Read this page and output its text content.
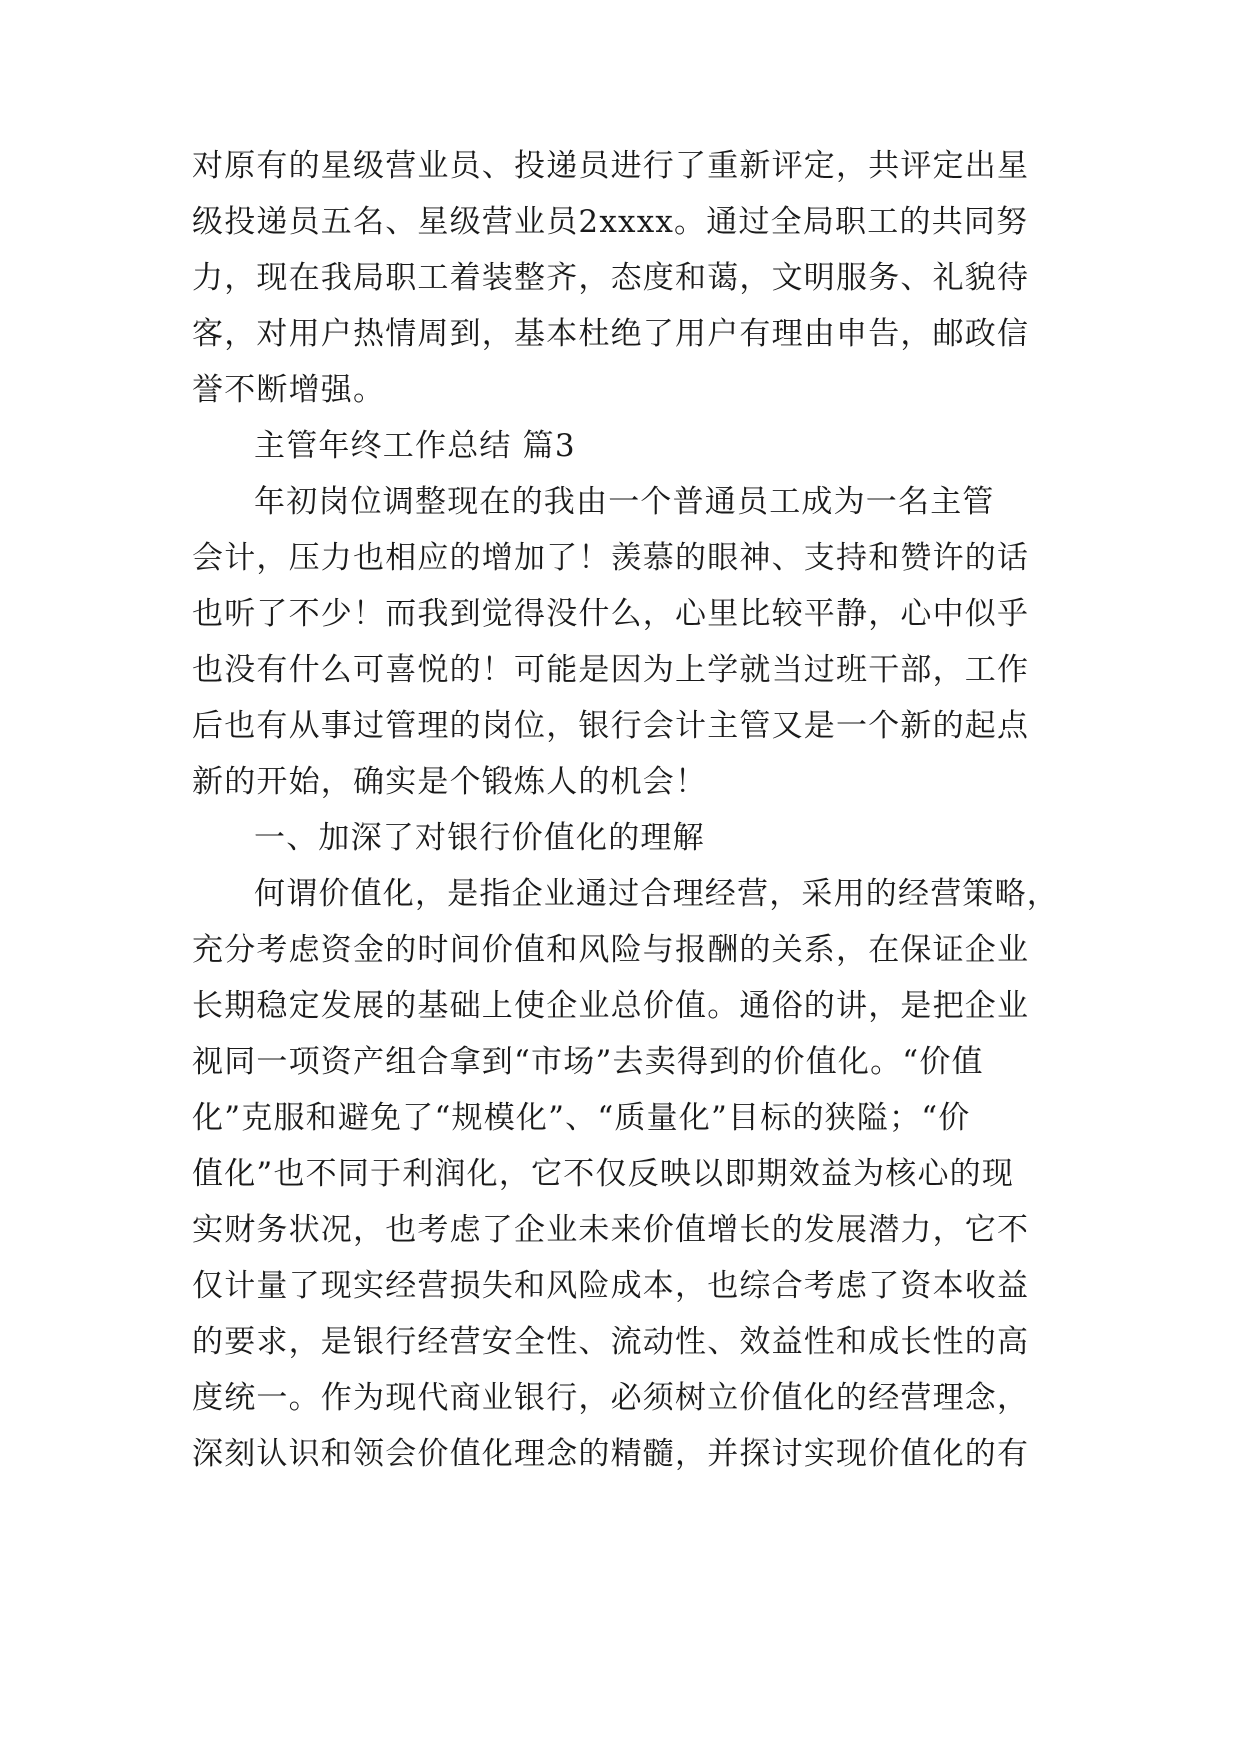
对原有的星级营业员、投递员进行了重新评定，共评定出星
级投递员五名、星级营业员2xxxx。通过全局职工的共同努
力，现在我局职工着装整齐，态度和蔼，文明服务、礼貌待
客，对用户热情周到，基本杜绝了用户有理由申告，邮政信
誉不断增强。
主管年终工作总结 篇3
年初岗位调整现在的我由一个普通员工成为一名主管
会计，压力也相应的增加了！羡慕的眼神、支持和赞许的话
也听了不少！而我到觉得没什么，心里比较平静，心中似乎
也没有什么可喜悦的！可能是因为上学就当过班干部，工作
后也有从事过管理的岗位，银行会计主管又是一个新的起点
新的开始，确实是个锻炼人的机会！
一、加深了对银行价值化的理解
何谓价值化，是指企业通过合理经营，采用的经营策略，
充分考虑资金的时间价值和风险与报酬的关系，在保证企业
长期稳定发展的基础上使企业总价值。通俗的讲，是把企业
视同一项资产组合拿到“市场”去卖得到的价值化。“价值
化”克服和避免了“规模化”、“质量化”目标的狭隘；“价
值化”也不同于利润化，它不仅反映以即期效益为核心的现
实财务状况，也考虑了企业未来价值增长的发展潜力，它不
仅计量了现实经营损失和风险成本，也综合考虑了资本收益
的要求，是银行经营安全性、流动性、效益性和成长性的高
度统一。作为现代商业银行，必须树立价值化的经营理念，
深刻认识和领会价值化理念的精髓，并探讨实现价值化的有
